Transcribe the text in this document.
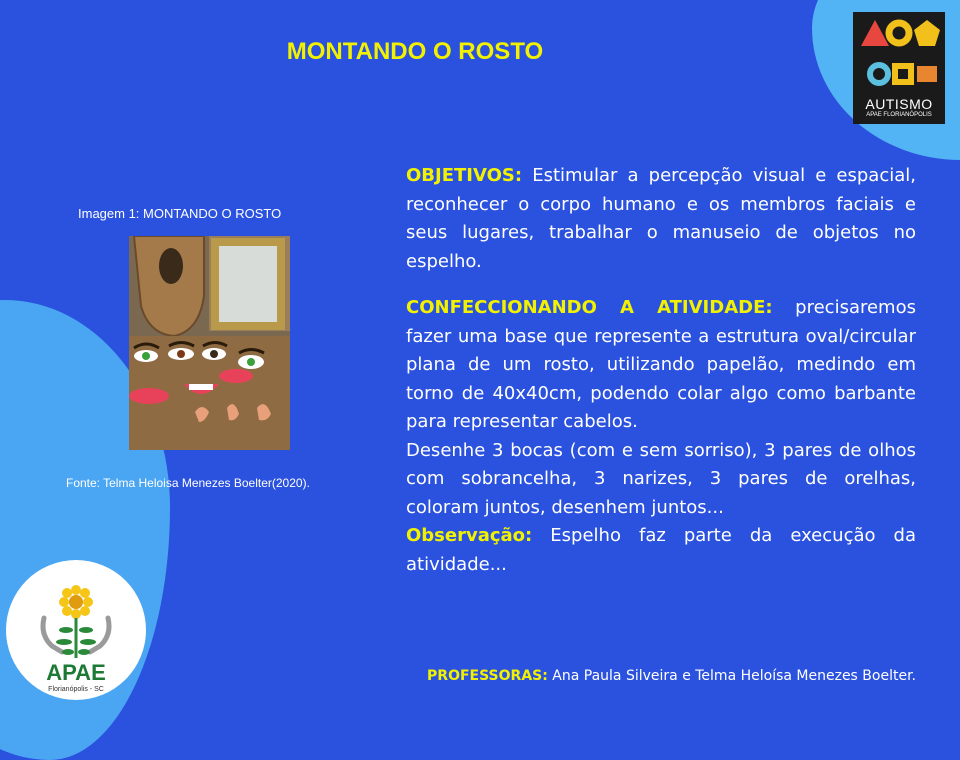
MONTANDO O ROSTO
AUTISMO
APAE FLORIANÓPOLIS
Imagem 1: MONTANDO O ROSTO
Fonte: Telma Heloisa Menezes Boelter(2020).

OBJETIVOS: Estimular a percepção visual e espacial, reconhecer o corpo humano e os membros faciais e seus lugares, trabalhar o manuseio de objetos no espelho.

CONFECCIONANDO A ATIVIDADE: precisaremos fazer uma base que represente a estrutura oval/circular plana de um rosto, utilizando papelão, medindo em torno de 40x40cm, podendo colar algo como barbante para representar cabelos.

Desenhe 3 bocas (com e sem sorriso), 3 pares de olhos com sobrancelha, 3 narizes, 3 pares de orelhas, coloram juntos, desenhem juntos...

Observação: Espelho faz parte da execução da atividade...

PROFESSORAS: Ana Paula Silveira e Telma Heloísa Menezes Boelter.
APAE
Florianópolis - SC
